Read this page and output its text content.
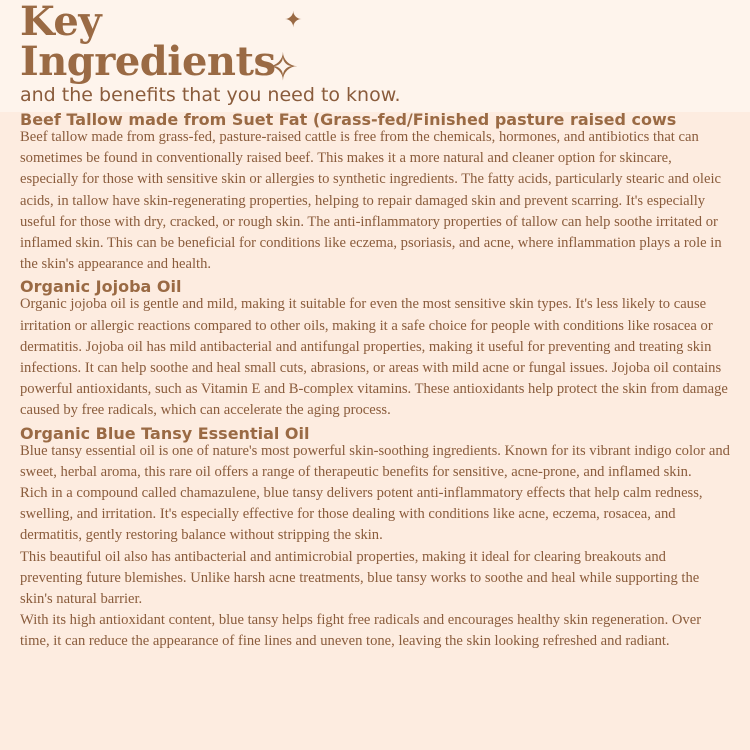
Key
Ingredients
✦
✧

and the benefits that you need to know.

Beef Tallow made from Suet Fat (Grass-fed/Finished pasture raised cows

Beef tallow made from grass-fed, pasture-raised cattle is free from the chemicals, hormones, and antibiotics that can sometimes be found in conventionally raised beef. This makes it a more natural and cleaner option for skincare, especially for those with sensitive skin or allergies to synthetic ingredients. The fatty acids, particularly stearic and oleic acids, in tallow have skin-regenerating properties, helping to repair damaged skin and prevent scarring. It's especially useful for those with dry, cracked, or rough skin. The anti-inflammatory properties of tallow can help soothe irritated or inflamed skin. This can be beneficial for conditions like eczema, psoriasis, and acne, where inflammation plays a role in the skin's appearance and health.

Organic Jojoba Oil

Organic jojoba oil is gentle and mild, making it suitable for even the most sensitive skin types. It's less likely to cause irritation or allergic reactions compared to other oils, making it a safe choice for people with conditions like rosacea or dermatitis. Jojoba oil has mild antibacterial and antifungal properties, making it useful for preventing and treating skin infections. It can help soothe and heal small cuts, abrasions, or areas with mild acne or fungal issues. Jojoba oil contains powerful antioxidants, such as Vitamin E and B-complex vitamins. These antioxidants help protect the skin from damage caused by free radicals, which can accelerate the aging process.

Organic Blue Tansy Essential Oil

Blue tansy essential oil is one of nature's most powerful skin-soothing ingredients. Known for its vibrant indigo color and sweet, herbal aroma, this rare oil offers a range of therapeutic benefits for sensitive, acne-prone, and inflamed skin.

Rich in a compound called chamazulene, blue tansy delivers potent anti-inflammatory effects that help calm redness, swelling, and irritation. It's especially effective for those dealing with conditions like acne, eczema, rosacea, and dermatitis, gently restoring balance without stripping the skin.

This beautiful oil also has antibacterial and antimicrobial properties, making it ideal for clearing breakouts and preventing future blemishes. Unlike harsh acne treatments, blue tansy works to soothe and heal while supporting the skin's natural barrier.

With its high antioxidant content, blue tansy helps fight free radicals and encourages healthy skin regeneration. Over time, it can reduce the appearance of fine lines and uneven tone, leaving the skin looking refreshed and radiant.
